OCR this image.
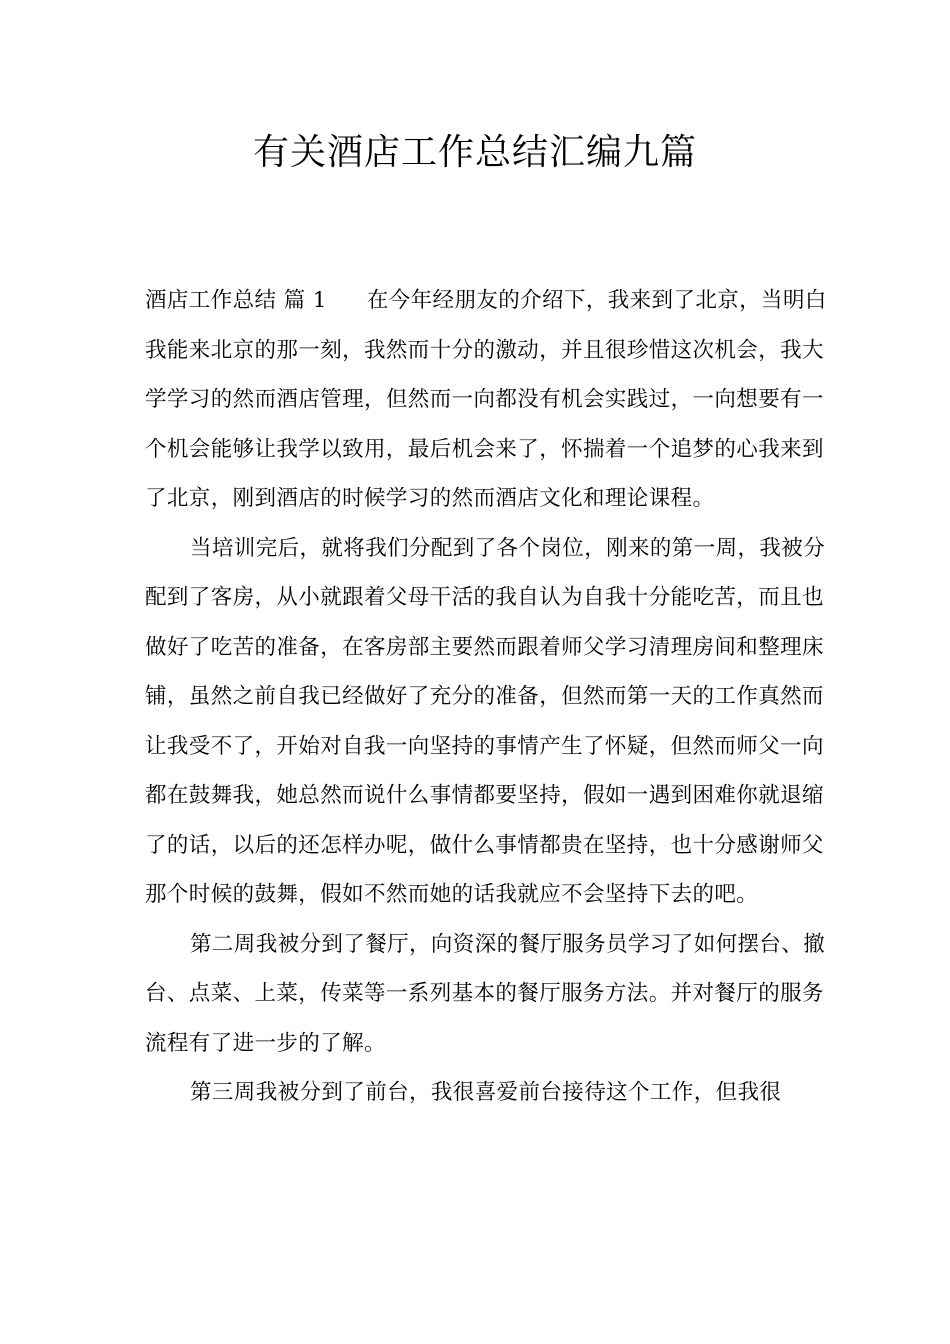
有关酒店工作总结汇编九篇

酒店工作总结 篇 1 在今年经朋友的介绍下，我来到了北京，当明白我能来北京的那一刻，我然而十分的激动，并且很珍惜这次机会，我大学学习的然而酒店管理，但然而一向都没有机会实践过，一向想要有一个机会能够让我学以致用，最后机会来了，怀揣着一个追梦的心我来到了北京，刚到酒店的时候学习的然而酒店文化和理论课程。

当培训完后，就将我们分配到了各个岗位，刚来的第一周，我被分配到了客房，从小就跟着父母干活的我自认为自我十分能吃苦，而且也做好了吃苦的准备，在客房部主要然而跟着师父学习清理房间和整理床铺，虽然之前自我已经做好了充分的准备，但然而第一天的工作真然而让我受不了，开始对自我一向坚持的事情产生了怀疑，但然而师父一向都在鼓舞我，她总然而说什么事情都要坚持，假如一遇到困难你就退缩了的话，以后的还怎样办呢，做什么事情都贵在坚持，也十分感谢师父那个时候的鼓舞，假如不然而她的话我就应不会坚持下去的吧。

第二周我被分到了餐厅，向资深的餐厅服务员学习了如何摆台、撤台、点菜、上菜，传菜等一系列基本的餐厅服务方法。并对餐厅的服务流程有了进一步的了解。

第三周我被分到了前台，我很喜爱前台接待这个工作，但我很
